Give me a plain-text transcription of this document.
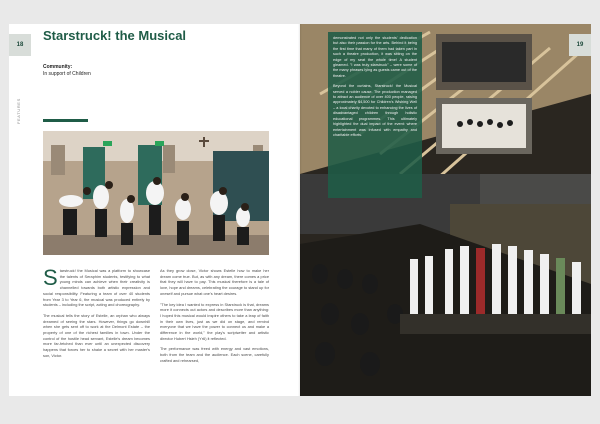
18
FEATURES
Starstruck! the Musical
Community:
In support of Children

Starstruck! the Musical was a platform to showcase the talents of Seraphim students, testifying to what young minds can achieve when their creativity is channelled towards both artistic expression and social responsibility. Featuring a team of over 40 students from Year 3 to Year 6, the musical was produced entirely by students – including the script, acting and choreography.

The musical tells the story of Estelle, an orphan who always dreamed of seeing the stars. However, things go downhill when she gets sent off to work at the Delmont Estate – the property of one of the richest families in town. Under the control of the hostile head servant, Estelle's dream becomes more far-fetched than ever until an unexpected discovery happens that forces her to shake a secret with her master's son, Victor.

As they grow close, Victor shows Estelle how to make her dream come true. But, as with any dream, there comes a price that they will have to pay. This musical therefore is a tale of love, hope and dreams, celebrating the courage to stand up for oneself and pursue what one's heart desires.

"The key idea I wanted to express in Starstruck is that, dreams more it connects out actors and describes more than anything: I hoped this musical would inspire others to take a leap of faith in their own lives, just as we did on stage, and remind everyone that we have the power to connect us and make a difference in the world," the play's scriptwriter and artistic director Hubert Hsieh (Yr6) it reflected.

The performance was freed with energy and vast emotions, both from the team and the audience. Each scene, carefully crafted and rehearsed,

demonstrated not only the students' dedication but also their passion for the arts. Behind it being the first time that many of them had taken part in such a theatre production, it was sitting on the edge of my seat the whole time! A student gleamed. "I was truly starstruck" – were some of the many phrases lying as guests came out of the theatre.

Beyond the curtains, Starstruck! the Musical served a nobler cause. The production managed to attract an audience of over 400 people, raising approximately $4,500 for Children's Wishing Well – a local charity devoted to enhancing the lives of disadvantaged children through holistic educational programmes. This ultimately highlighted the dual impact of the event: where entertainment was infused with empathy and charitable efforts.

19
